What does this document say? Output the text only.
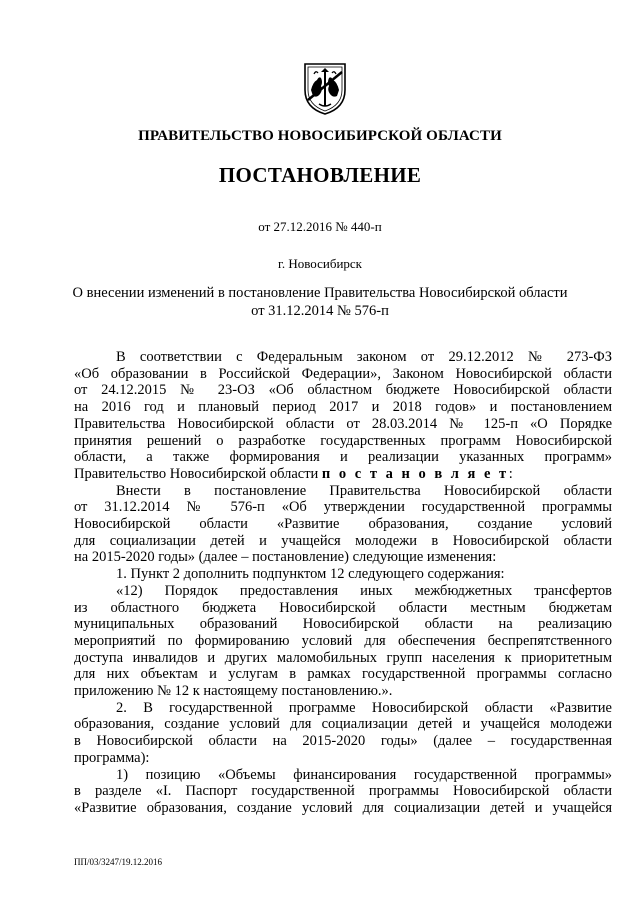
ПРАВИТЕЛЬСТВО НОВОСИБИРСКОЙ ОБЛАСТИ
ПОСТАНОВЛЕНИЕ
от 27.12.2016 № 440-п
г. Новосибирск
О внесении изменений в постановление Правительства Новосибирской области
от 31.12.2014 № 576-п
В соответствии с Федеральным законом от 29.12.2012 № 273-ФЗ
«Об образовании в Российской Федерации», Законом Новосибирской области
от 24.12.2015 № 23-ОЗ «Об областном бюджете Новосибирской области
на 2016 год и плановый период 2017 и 2018 годов» и постановлением
Правительства Новосибирской области от 28.03.2014 № 125-п «О Порядке
принятия решений о разработке государственных программ Новосибирской
области, а также формирования и реализации указанных программ»
Правительство Новосибирской области п о с т а н о в л я е т:
Внести в постановление Правительства Новосибирской области
от 31.12.2014 № 576-п «Об утверждении государственной программы
Новосибирской области «Развитие образования, создание условий
для социализации детей и учащейся молодежи в Новосибирской области
на 2015-2020 годы» (далее – постановление) следующие изменения:
1. Пункт 2 дополнить подпунктом 12 следующего содержания:
«12) Порядок предоставления иных межбюджетных трансфертов
из областного бюджета Новосибирской области местным бюджетам
муниципальных образований Новосибирской области на реализацию
мероприятий по формированию условий для обеспечения беспрепятственного
доступа инвалидов и других маломобильных групп населения к приоритетным
для них объектам и услугам в рамках государственной программы согласно
приложению № 12 к настоящему постановлению.».
2. В государственной программе Новосибирской области «Развитие
образования, создание условий для социализации детей и учащейся молодежи
в Новосибирской области на 2015-2020 годы» (далее – государственная
программа):
1) позицию «Объемы финансирования государственной программы»
в разделе «I. Паспорт государственной программы Новосибирской области
«Развитие образования, создание условий для социализации детей и учащейся
ПП/03/3247/19.12.2016
